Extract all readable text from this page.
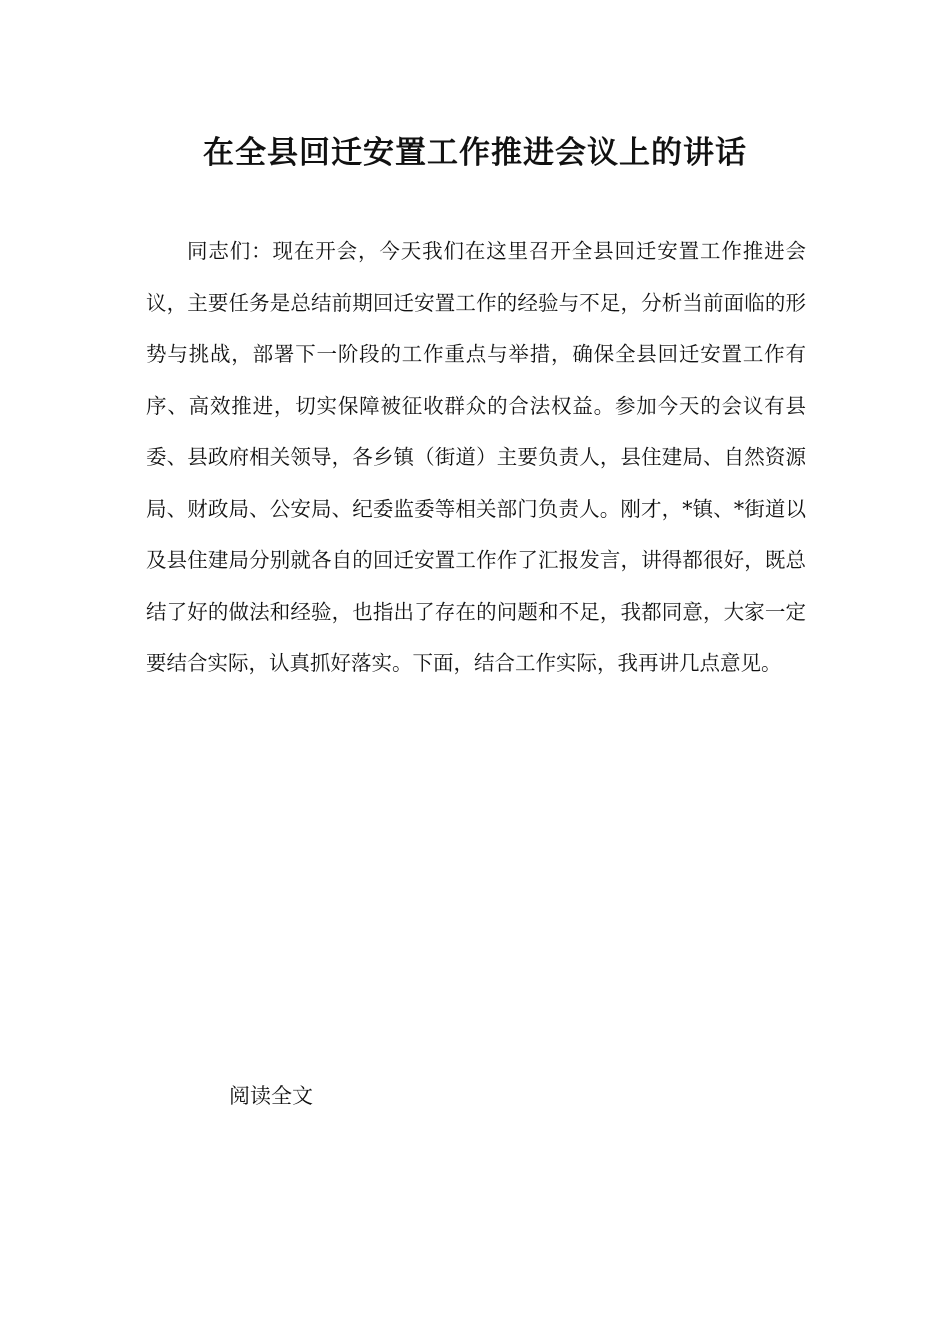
在全县回迁安置工作推进会议上的讲话

同志们：现在开会，今天我们在这里召开全县回迁安置工作推进会议，主要任务是总结前期回迁安置工作的经验与不足，分析当前面临的形势与挑战，部署下一阶段的工作重点与举措，确保全县回迁安置工作有序、高效推进，切实保障被征收群众的合法权益。参加今天的会议有县委、县政府相关领导，各乡镇（街道）主要负责人，县住建局、自然资源局、财政局、公安局、纪委监委等相关部门负责人。刚才，*镇、*街道以及县住建局分别就各自的回迁安置工作作了汇报发言，讲得都很好，既总结了好的做法和经验，也指出了存在的问题和不足，我都同意，大家一定要结合实际，认真抓好落实。下面，结合工作实际，我再讲几点意见。

阅读全文
